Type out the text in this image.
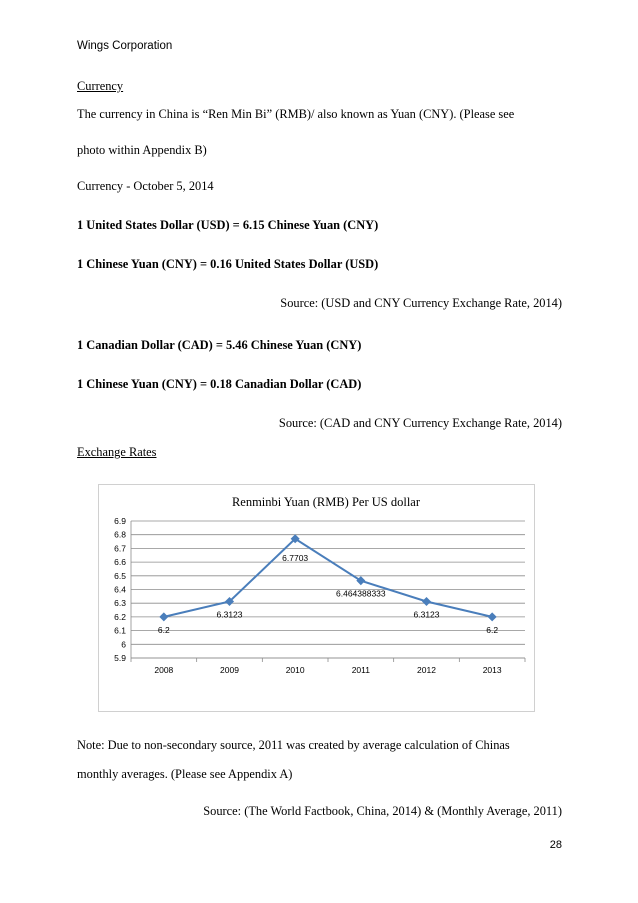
Wings Corporation
Currency
The currency in China is “Ren Min Bi” (RMB)/ also known as Yuan (CNY). (Please see
photo within Appendix B)
Currency - October 5, 2014
1 United States Dollar (USD) = 6.15 Chinese Yuan (CNY)
1 Chinese Yuan (CNY) = 0.16 United States Dollar (USD)
Source: (USD and CNY Currency Exchange Rate, 2014)
1 Canadian Dollar (CAD) = 5.46 Chinese Yuan (CNY)
1 Chinese Yuan (CNY) = 0.18 Canadian Dollar (CAD)
Source: (CAD and CNY Currency Exchange Rate, 2014)
Exchange Rates
Renminbi Yuan (RMB) Per US dollar
5.9
6
6.1
6.2
6.3
6.4
6.5
6.6
6.7
6.8
6.9
2008	2009	2010	2011	2012	2013
6.2
6.3123
6.7703
6.464388333
6.3123
6.2
Note: Due to non-secondary source, 2011 was created by average calculation of Chinas
monthly averages. (Please see Appendix A)
Source: (The World Factbook, China, 2014) & (Monthly Average, 2011)
28
